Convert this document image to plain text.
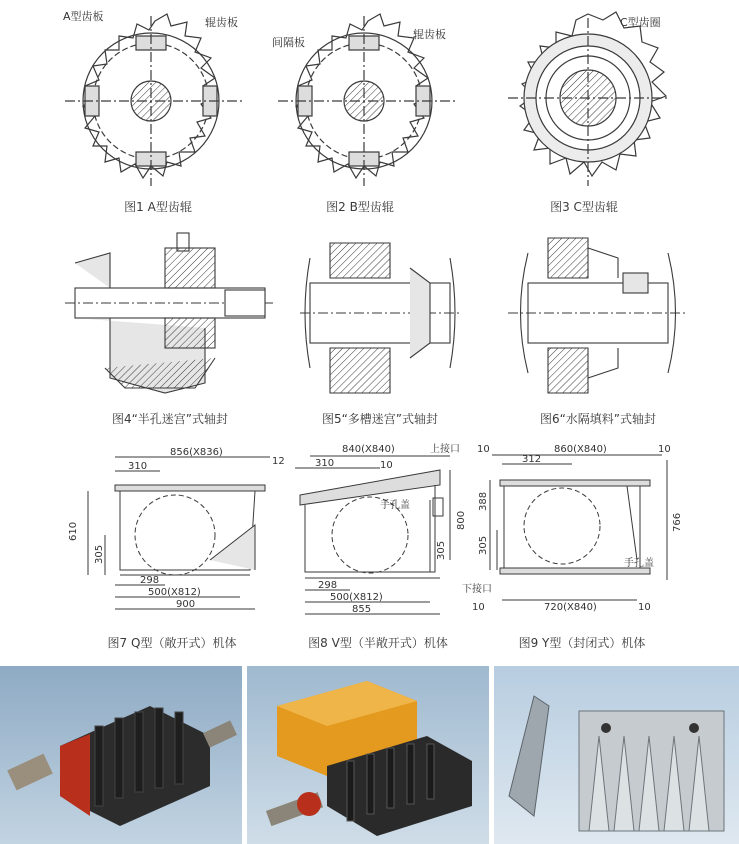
A型齿板	辊齿板
图1 A型齿辊
间隔板
辊齿板
图2 B型齿辊
C型齿圈
图3 C型齿辊
图4“半孔迷宫”式轴封	图5“多槽迷宫”式轴封	图6“水隔填料”式轴封
856(X836)
310
610
305
298
500(X812)
900
图7 Q型（敞开式）机体
840(X840)
12	310	10
上接口
手孔盖
800
305
298
500(X812)
855
图8 V型（半敞开式）机体
10	860(X840)	10
312
388
305
766
手孔盖
下接口
10	720(X840)	10
图9 Y型（封闭式）机体
